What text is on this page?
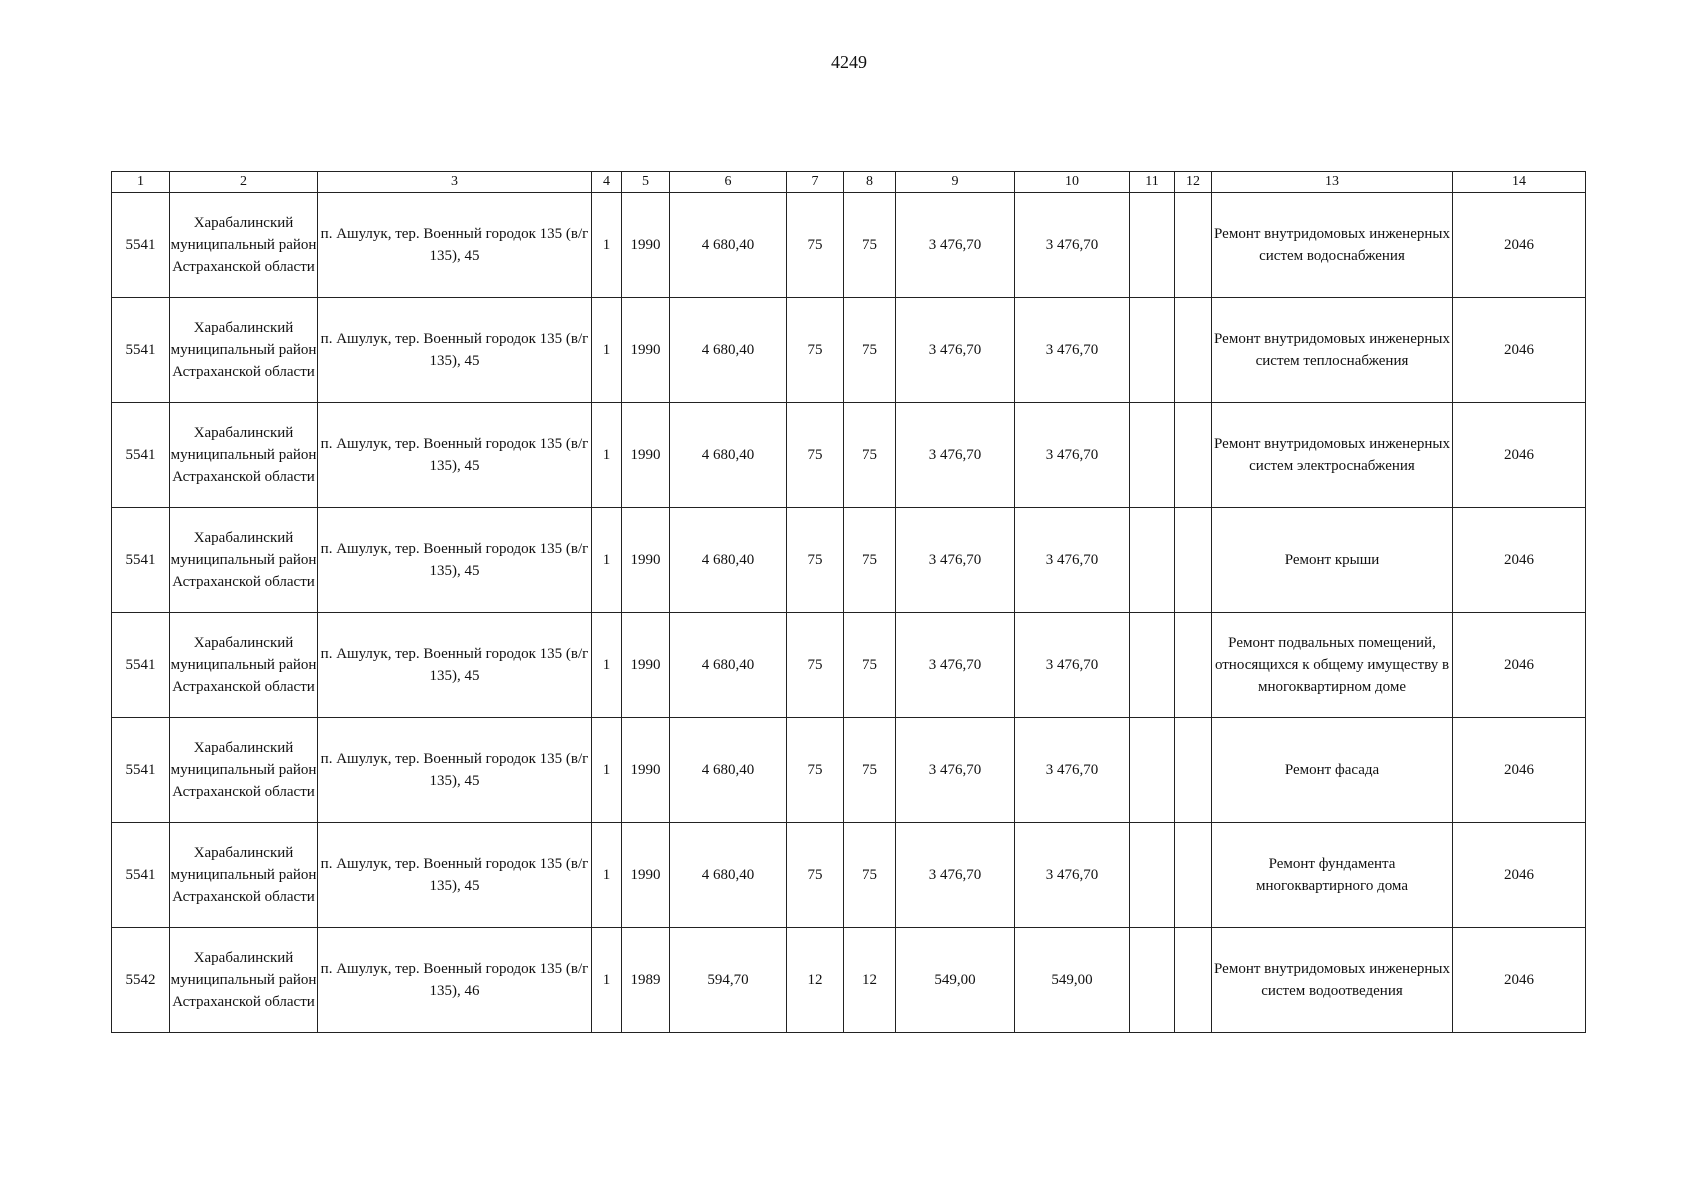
4249
1	2	3	4	5	6	7	8	9	10	11	12	13	14
5541	Харабалинский муниципальный район Астраханской области	п. Ашулук, тер. Военный городок 135 (в/г 135), 45	1	1990	4 680,40	75	75	3 476,70	3 476,70			Ремонт внутридомовых инженерных систем водоснабжения	2046
5541	Харабалинский муниципальный район Астраханской области	п. Ашулук, тер. Военный городок 135 (в/г 135), 45	1	1990	4 680,40	75	75	3 476,70	3 476,70			Ремонт внутридомовых инженерных систем теплоснабжения	2046
5541	Харабалинский муниципальный район Астраханской области	п. Ашулук, тер. Военный городок 135 (в/г 135), 45	1	1990	4 680,40	75	75	3 476,70	3 476,70			Ремонт внутридомовых инженерных систем электроснабжения	2046
5541	Харабалинский муниципальный район Астраханской области	п. Ашулук, тер. Военный городок 135 (в/г 135), 45	1	1990	4 680,40	75	75	3 476,70	3 476,70			Ремонт крыши	2046
5541	Харабалинский муниципальный район Астраханской области	п. Ашулук, тер. Военный городок 135 (в/г 135), 45	1	1990	4 680,40	75	75	3 476,70	3 476,70			Ремонт подвальных помещений, относящихся к общему имуществу в многоквартирном доме	2046
5541	Харабалинский муниципальный район Астраханской области	п. Ашулук, тер. Военный городок 135 (в/г 135), 45	1	1990	4 680,40	75	75	3 476,70	3 476,70			Ремонт фасада	2046
5541	Харабалинский муниципальный район Астраханской области	п. Ашулук, тер. Военный городок 135 (в/г 135), 45	1	1990	4 680,40	75	75	3 476,70	3 476,70			Ремонт фундамента многоквартирного дома	2046
5542	Харабалинский муниципальный район Астраханской области	п. Ашулук, тер. Военный городок 135 (в/г 135), 46	1	1989	594,70	12	12	549,00	549,00			Ремонт внутридомовых инженерных систем водоотведения	2046
